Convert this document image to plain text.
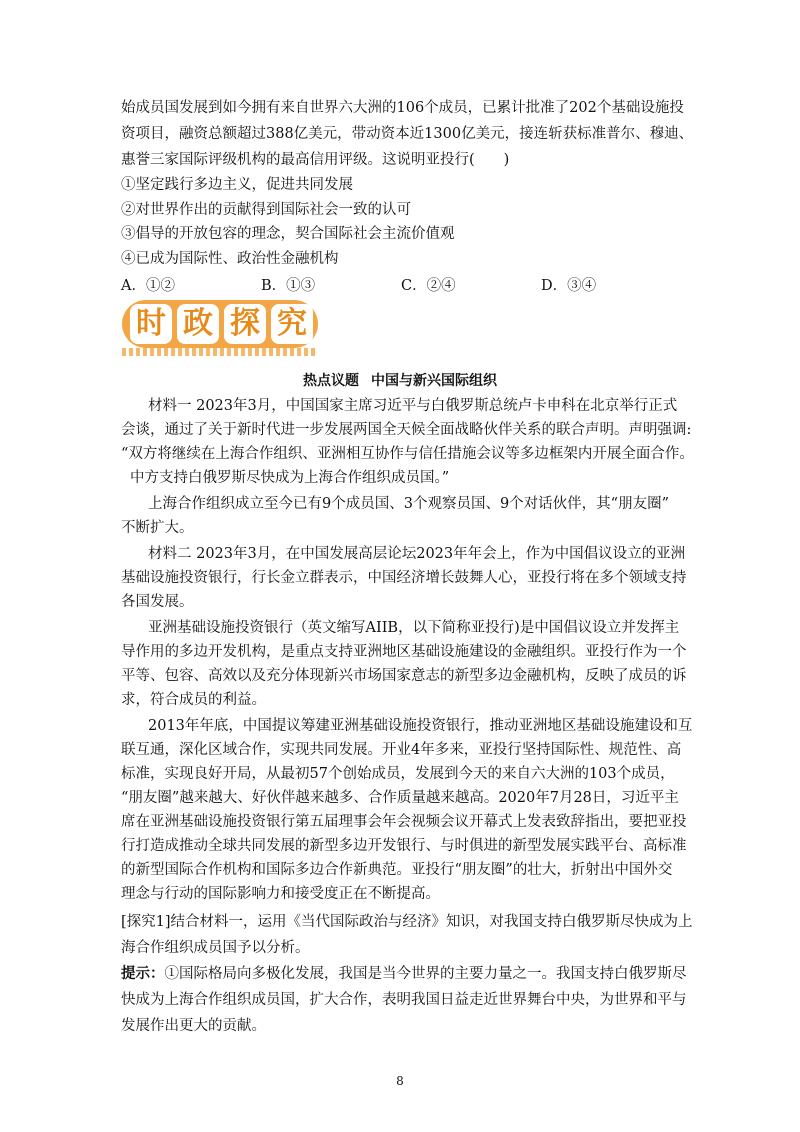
始成员国发展到如今拥有来自世界六大洲的106个成员，已累计批准了202个基础设施投
资项目，融资总额超过388亿美元，带动资本近1300亿美元，接连斩获标准普尔、穆迪、
惠誉三家国际评级机构的最高信用评级。这说明亚投行(　　)
①坚定践行多边主义，促进共同发展
②对世界作出的贡献得到国际社会一致的认可
③倡导的开放包容的理念，契合国际社会主流价值观
④已成为国际性、政治性金融机构
A．①②	B．①③	C．②④	D．③④
时 政 探 究
热点议题 中国与新兴国际组织
材料一 2023年3月，中国国家主席习近平与白俄罗斯总统卢卡申科在北京举行正式
会谈，通过了关于新时代进一步发展两国全天候全面战略伙伴关系的联合声明。声明强调:
“双方将继续在上海合作组织、亚洲相互协作与信任措施会议等多边框架内开展全面合作。
中方支持白俄罗斯尽快成为上海合作组织成员国。”
上海合作组织成立至今已有9个成员国、3个观察员国、9个对话伙伴，其“朋友圈”
不断扩大。
材料二 2023年3月，在中国发展高层论坛2023年年会上，作为中国倡议设立的亚洲
基础设施投资银行，行长金立群表示，中国经济增长鼓舞人心，亚投行将在多个领域支持
各国发展。
亚洲基础设施投资银行（英文缩写AIIB，以下简称亚投行)是中国倡议设立并发挥主
导作用的多边开发机构，是重点支持亚洲地区基础设施建设的金融组织。亚投行作为一个
平等、包容、高效以及充分体现新兴市场国家意志的新型多边金融机构，反映了成员的诉
求，符合成员的利益。
2013年年底，中国提议筹建亚洲基础设施投资银行，推动亚洲地区基础设施建设和互
联互通，深化区域合作，实现共同发展。开业4年多来，亚投行坚持国际性、规范性、高
标准，实现良好开局，从最初57个创始成员，发展到今天的来自六大洲的103个成员，
“朋友圈”越来越大、好伙伴越来越多、合作质量越来越高。2020年7月28日，习近平主
席在亚洲基础设施投资银行第五届理事会年会视频会议开幕式上发表致辞指出，要把亚投
行打造成推动全球共同发展的新型多边开发银行、与时俱进的新型发展实践平台、高标准
的新型国际合作机构和国际多边合作新典范。亚投行“朋友圈”的壮大，折射出中国外交
理念与行动的国际影响力和接受度正在不断提高。
[探究1]结合材料一，运用《当代国际政治与经济》知识，对我国支持白俄罗斯尽快成为上
海合作组织成员国予以分析。
提示：①国际格局向多极化发展，我国是当今世界的主要力量之一。我国支持白俄罗斯尽
快成为上海合作组织成员国，扩大合作，表明我国日益走近世界舞台中央，为世界和平与
发展作出更大的贡献。
8
